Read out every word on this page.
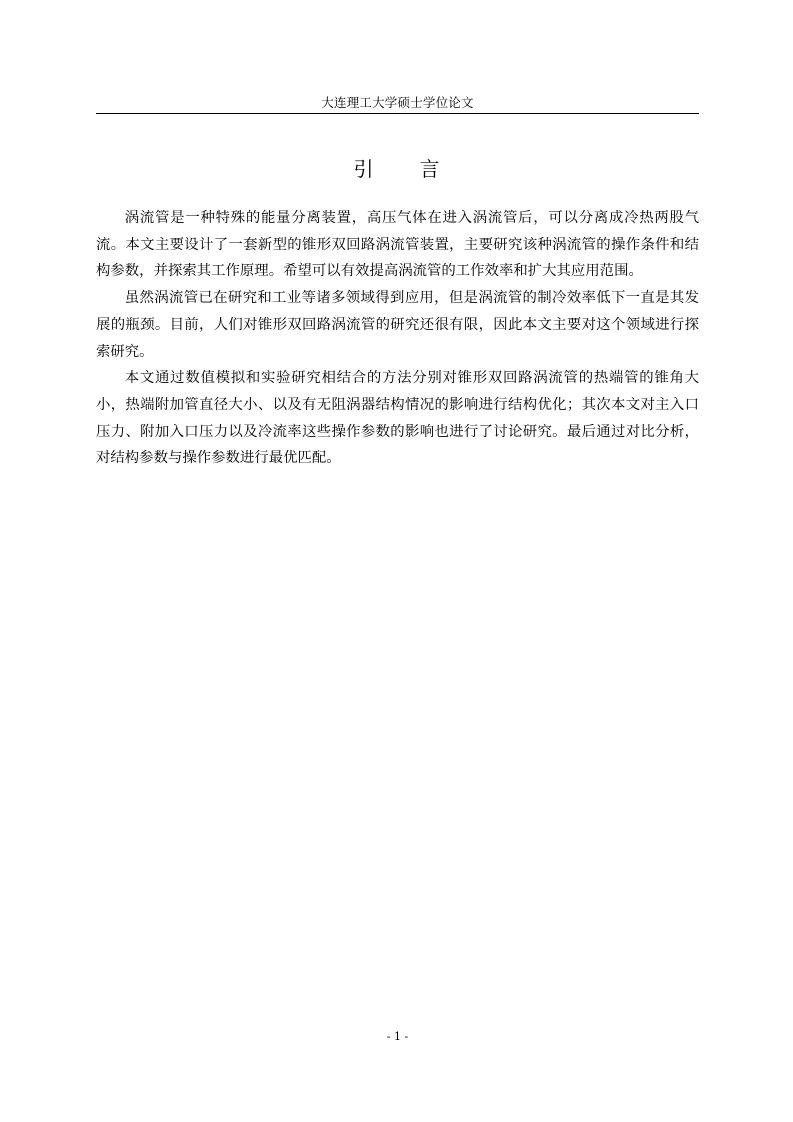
大连理工大学硕士学位论文
引 言

涡流管是一种特殊的能量分离装置，高压气体在进入涡流管后，可以分离成冷热两股气流。本文主要设计了一套新型的锥形双回路涡流管装置，主要研究该种涡流管的操作条件和结构参数，并探索其工作原理。希望可以有效提高涡流管的工作效率和扩大其应用范围。

虽然涡流管已在研究和工业等诸多领域得到应用，但是涡流管的制冷效率低下一直是其发展的瓶颈。目前，人们对锥形双回路涡流管的研究还很有限，因此本文主要对这个领域进行探索研究。

本文通过数值模拟和实验研究相结合的方法分别对锥形双回路涡流管的热端管的锥角大小，热端附加管直径大小、以及有无阻涡器结构情况的影响进行结构优化；其次本文对主入口压力、附加入口压力以及冷流率这些操作参数的影响也进行了讨论研究。最后通过对比分析，对结构参数与操作参数进行最优匹配。

- 1 -
